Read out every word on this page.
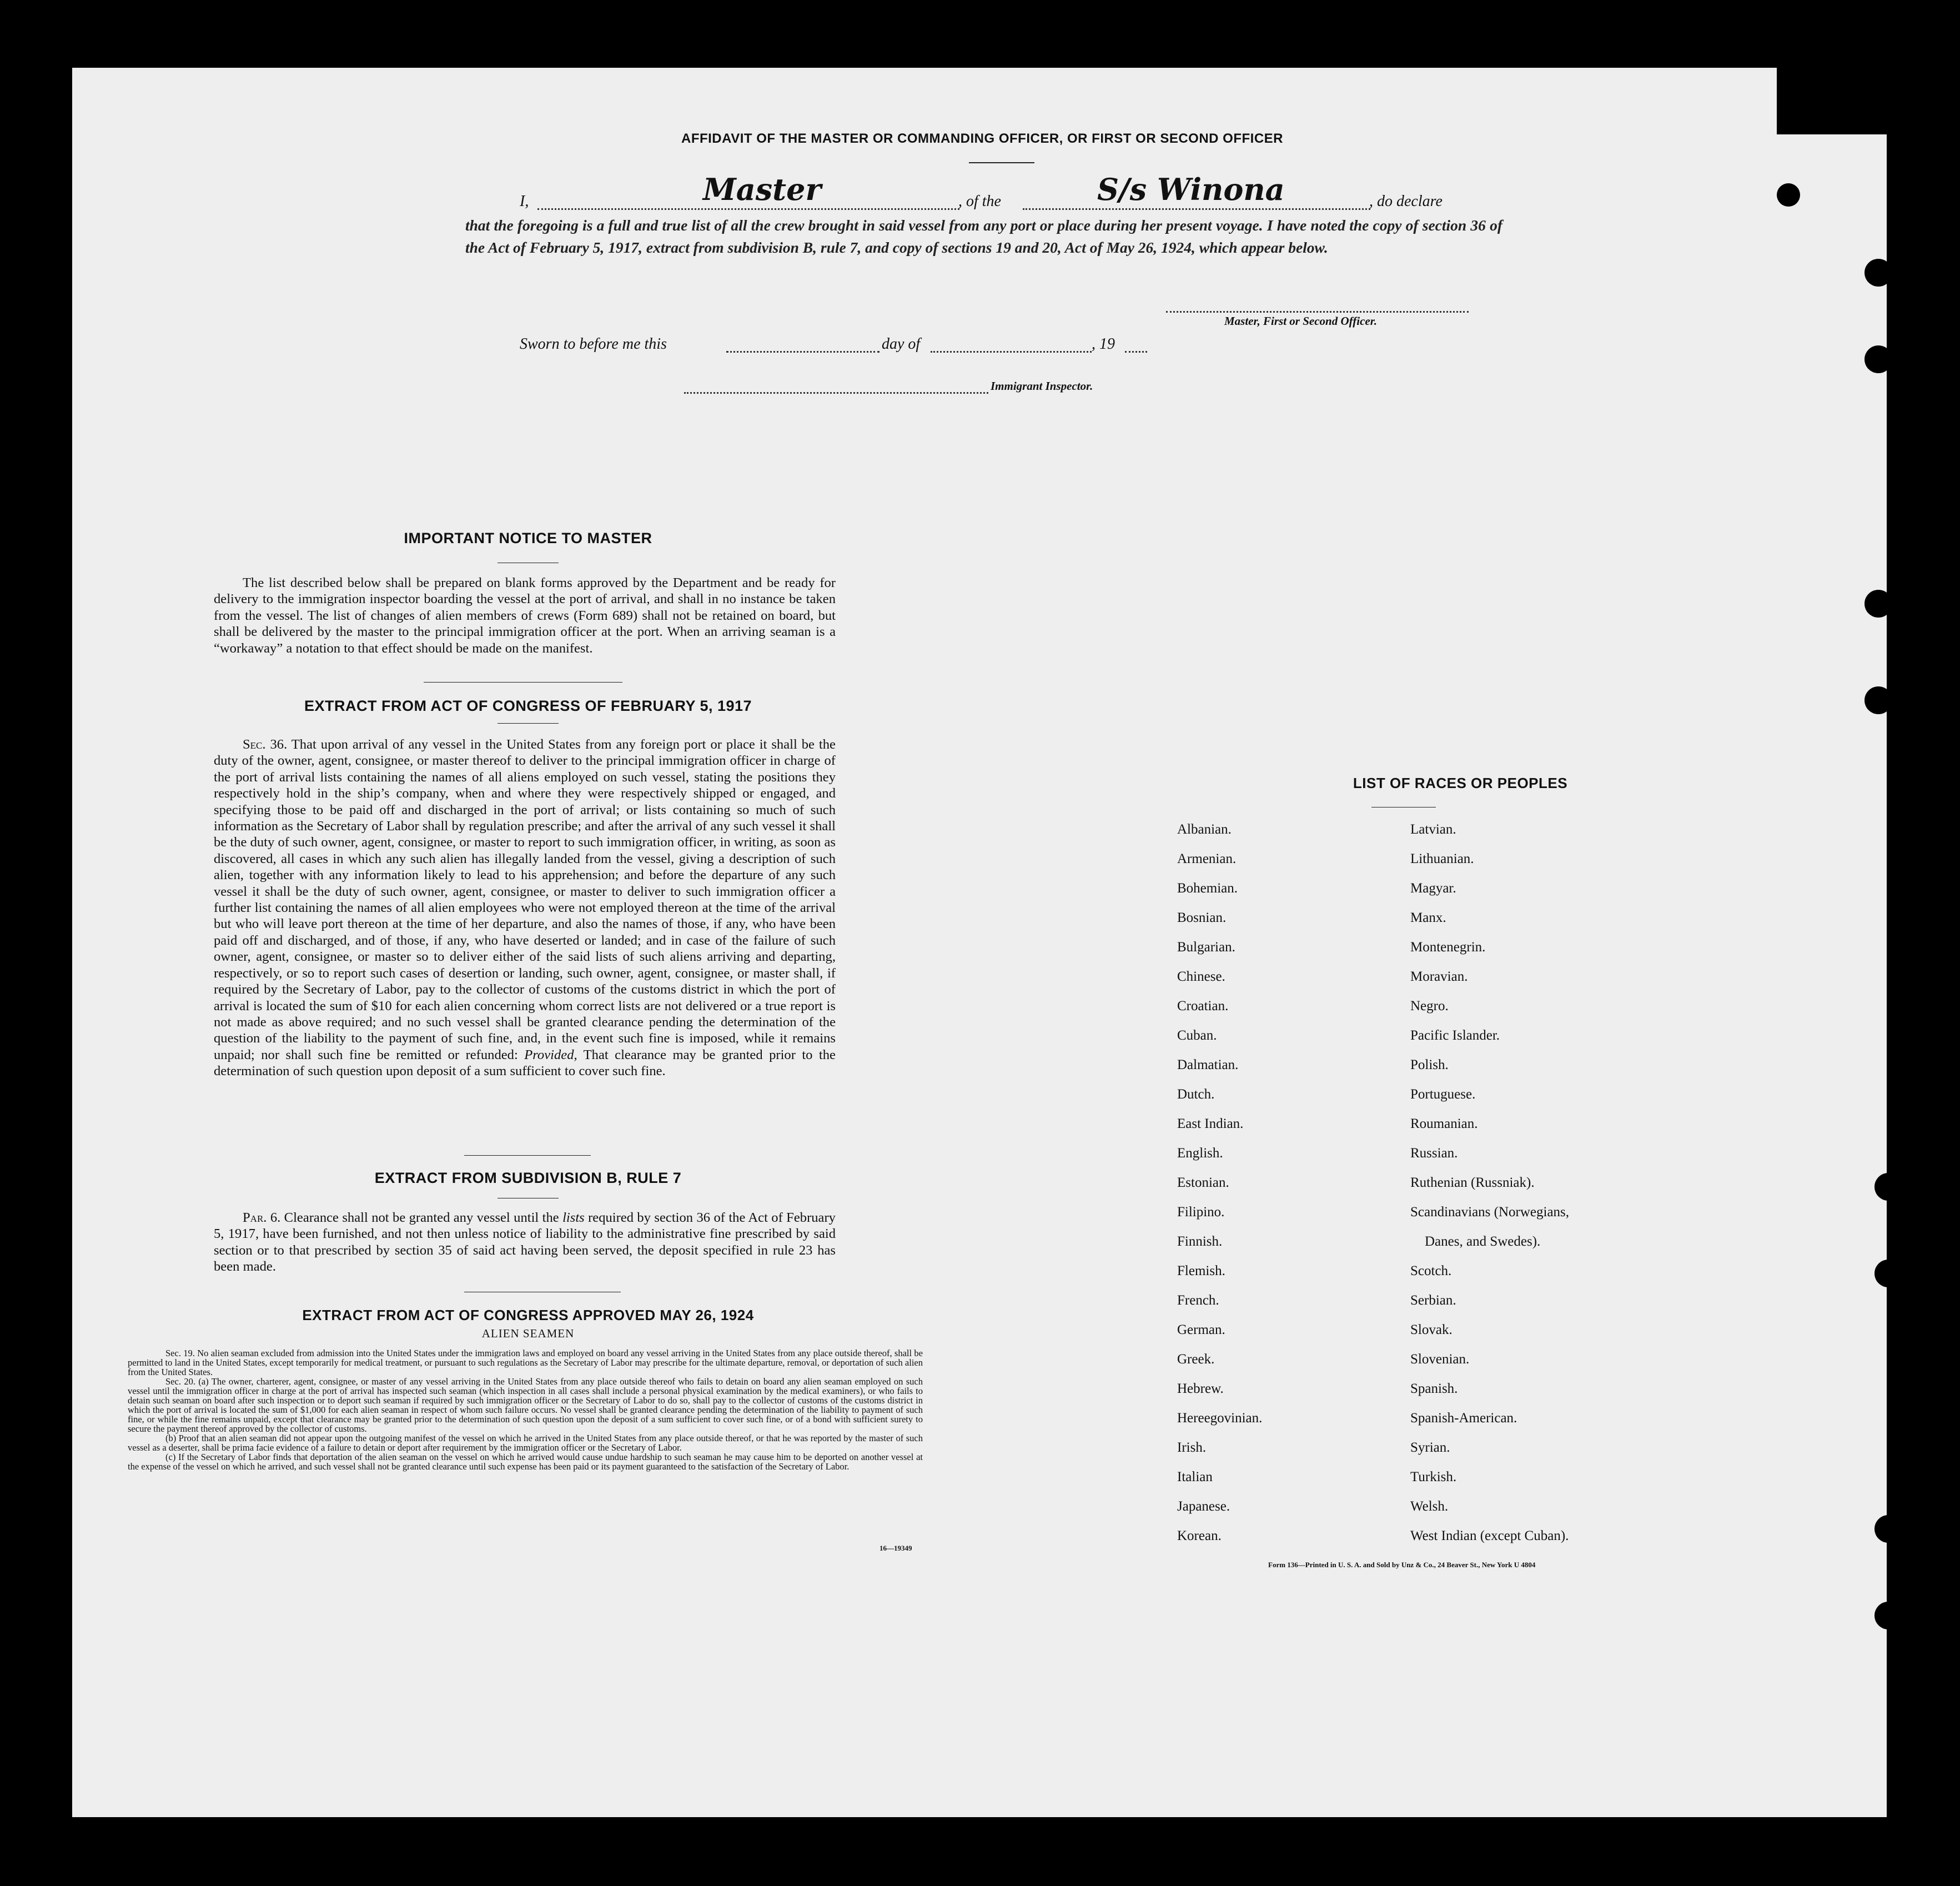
AFFIDAVIT OF THE MASTER OR COMMANDING OFFICER, OR FIRST OR SECOND OFFICER
I,	Master	, of the	S/s Winona	, do declare
that the foregoing is a full and true list of all the crew brought in said vessel from any port or place during her present voyage. I have noted the copy of section 36 of the Act of February 5, 1917, extract from subdivision B, rule 7, and copy of sections 19 and 20, Act of May 26, 1924, which appear below.
Master, First or Second Officer.
Sworn to before me this	day of	, 19
Immigrant Inspector.
IMPORTANT NOTICE TO MASTER
The list described below shall be prepared on blank forms approved by the Department and be ready for delivery to the immigration inspector boarding the vessel at the port of arrival, and shall in no instance be taken from the vessel. The list of changes of alien members of crews (Form 689) shall not be retained on board, but shall be delivered by the master to the principal immigration officer at the port. When an arriving seaman is a “workaway” a notation to that effect should be made on the manifest.
EXTRACT FROM ACT OF CONGRESS OF FEBRUARY 5, 1917
Sec. 36. That upon arrival of any vessel in the United States from any foreign port or place it shall be the duty of the owner, agent, consignee, or master thereof to deliver to the principal immigration officer in charge of the port of arrival lists containing the names of all aliens employed on such vessel, stating the positions they respectively hold in the ship’s company, when and where they were respectively shipped or engaged, and specifying those to be paid off and discharged in the port of arrival; or lists containing so much of such information as the Secretary of Labor shall by regulation prescribe; and after the arrival of any such vessel it shall be the duty of such owner, agent, consignee, or master to report to such immigration officer, in writing, as soon as discovered, all cases in which any such alien has illegally landed from the vessel, giving a description of such alien, together with any information likely to lead to his apprehension; and before the departure of any such vessel it shall be the duty of such owner, agent, consignee, or master to deliver to such immigration officer a further list containing the names of all alien employees who were not employed thereon at the time of the arrival but who will leave port thereon at the time of her departure, and also the names of those, if any, who have been paid off and discharged, and of those, if any, who have deserted or landed; and in case of the failure of such owner, agent, consignee, or master so to deliver either of the said lists of such aliens arriving and departing, respectively, or so to report such cases of desertion or landing, such owner, agent, consignee, or master shall, if required by the Secretary of Labor, pay to the collector of customs of the customs district in which the port of arrival is located the sum of $10 for each alien concerning whom correct lists are not delivered or a true report is not made as above required; and no such vessel shall be granted clearance pending the determination of the question of the liability to the payment of such fine, and, in the event such fine is imposed, while it remains unpaid; nor shall such fine be remitted or refunded: Provided, That clearance may be granted prior to the determination of such question upon deposit of a sum sufficient to cover such fine.
EXTRACT FROM SUBDIVISION B, RULE 7
Par. 6. Clearance shall not be granted any vessel until the lists required by section 36 of the Act of February 5, 1917, have been furnished, and not then unless notice of liability to the administrative fine prescribed by said section or to that prescribed by section 35 of said act having been served, the deposit specified in rule 23 has been made.
EXTRACT FROM ACT OF CONGRESS APPROVED MAY 26, 1924
ALIEN SEAMEN
Sec. 19. No alien seaman excluded from admission into the United States under the immigration laws and employed on board any vessel arriving in the United States from any place outside thereof, shall be permitted to land in the United States, except temporarily for medical treatment, or pursuant to such regulations as the Secretary of Labor may prescribe for the ultimate departure, removal, or deportation of such alien from the United States.
Sec. 20. (a) The owner, charterer, agent, consignee, or master of any vessel arriving in the United States from any place outside thereof who fails to detain on board any alien seaman employed on such vessel until the immigration officer in charge at the port of arrival has inspected such seaman (which inspection in all cases shall include a personal physical examination by the medical examiners), or who fails to detain such seaman on board after such inspection or to deport such seaman if required by such immigration officer or the Secretary of Labor to do so, shall pay to the collector of customs of the customs district in which the port of arrival is located the sum of $1,000 for each alien seaman in respect of whom such failure occurs. No vessel shall be granted clearance pending the determination of the liability to payment of such fine, or while the fine remains unpaid, except that clearance may be granted prior to the determination of such question upon the deposit of a sum sufficient to cover such fine, or of a bond with sufficient surety to secure the payment thereof approved by the collector of customs.
(b) Proof that an alien seaman did not appear upon the outgoing manifest of the vessel on which he arrived in the United States from any place outside thereof, or that he was reported by the master of such vessel as a deserter, shall be prima facie evidence of a failure to detain or deport after requirement by the immigration officer or the Secretary of Labor.
(c) If the Secretary of Labor finds that deportation of the alien seaman on the vessel on which he arrived would cause undue hardship to such seaman he may cause him to be deported on another vessel at the expense of the vessel on which he arrived, and such vessel shall not be granted clearance until such expense has been paid or its payment guaranteed to the satisfaction of the Secretary of Labor.
16—19349
LIST OF RACES OR PEOPLES
Albanian.	Latvian.
Armenian.	Lithuanian.
Bohemian.	Magyar.
Bosnian.	Manx.
Bulgarian.	Montenegrin.
Chinese.	Moravian.
Croatian.	Negro.
Cuban.	Pacific Islander.
Dalmatian.	Polish.
Dutch.	Portuguese.
East Indian.	Roumanian.
English.	Russian.
Estonian.	Ruthenian (Russniak).
Filipino.	Scandinavians (Norwegians,
Finnish.	Danes, and Swedes).
Flemish.	Scotch.
French.	Serbian.
German.	Slovak.
Greek.	Slovenian.
Hebrew.	Spanish.
Hereegovinian.	Spanish-American.
Irish.	Syrian.
Italian	Turkish.
Japanese.	Welsh.
Korean.	West Indian (except Cuban).
Form 136—Printed in U. S. A. and Sold by Unz & Co., 24 Beaver St., New York U 4804
